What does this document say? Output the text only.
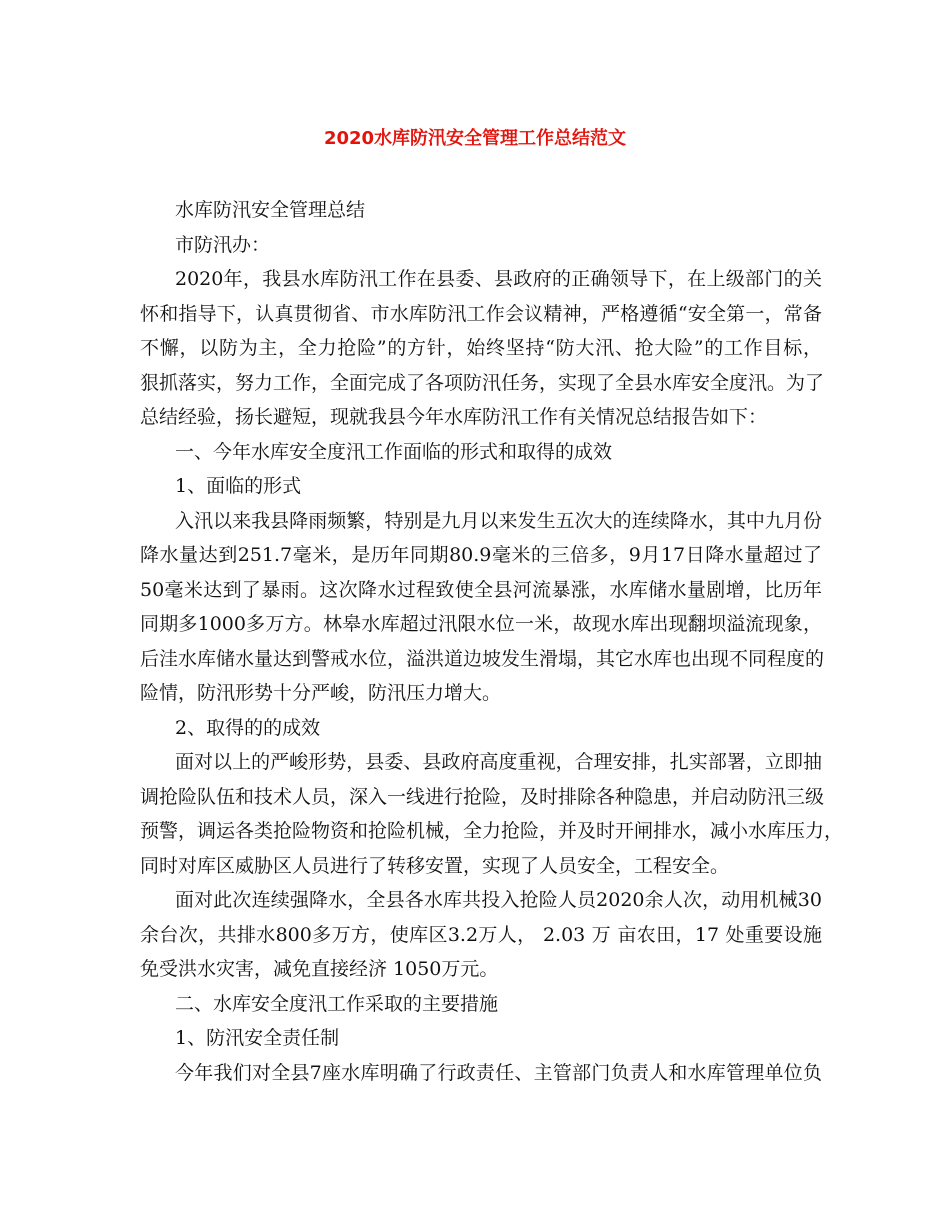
2020水库防汛安全管理工作总结范文

水库防汛安全管理总结

市防汛办：

2020年，我县水库防汛工作在县委、县政府的正确领导下，在上级部门的关

怀和指导下，认真贯彻省、市水库防汛工作会议精神，严格遵循“安全第一，常备

不懈，以防为主，全力抢险”的方针，始终坚持“防大汛、抢大险”的工作目标，

狠抓落实，努力工作，全面完成了各项防汛任务，实现了全县水库安全度汛。为了

总结经验，扬长避短，现就我县今年水库防汛工作有关情况总结报告如下：

一、今年水库安全度汛工作面临的形式和取得的成效

1、面临的形式

入汛以来我县降雨频繁，特别是九月以来发生五次大的连续降水，其中九月份

降水量达到251.7毫米，是历年同期80.9毫米的三倍多，9月17日降水量超过了

50毫米达到了暴雨。这次降水过程致使全县河流暴涨，水库储水量剧增，比历年

同期多1000多万方。林皋水库超过汛限水位一米，故现水库出现翻坝溢流现象，

后洼水库储水量达到警戒水位，溢洪道边坡发生滑塌，其它水库也出现不同程度的

险情，防汛形势十分严峻，防汛压力增大。

2、取得的的成效

面对以上的严峻形势，县委、县政府高度重视，合理安排，扎实部署，立即抽

调抢险队伍和技术人员，深入一线进行抢险，及时排除各种隐患，并启动防汛三级

预警，调运各类抢险物资和抢险机械，全力抢险，并及时开闸排水，减小水库压力，

同时对库区威胁区人员进行了转移安置，实现了人员安全，工程安全。

面对此次连续强降水，全县各水库共投入抢险人员2020余人次，动用机械30

余台次，共排水800多万方，使库区3.2万人， 2.03 万 亩农田，17 处重要设施

免受洪水灾害，减免直接经济 1050万元。

二、水库安全度汛工作采取的主要措施

1、防汛安全责任制

今年我们对全县7座水库明确了行政责任、主管部门负责人和水库管理单位负
